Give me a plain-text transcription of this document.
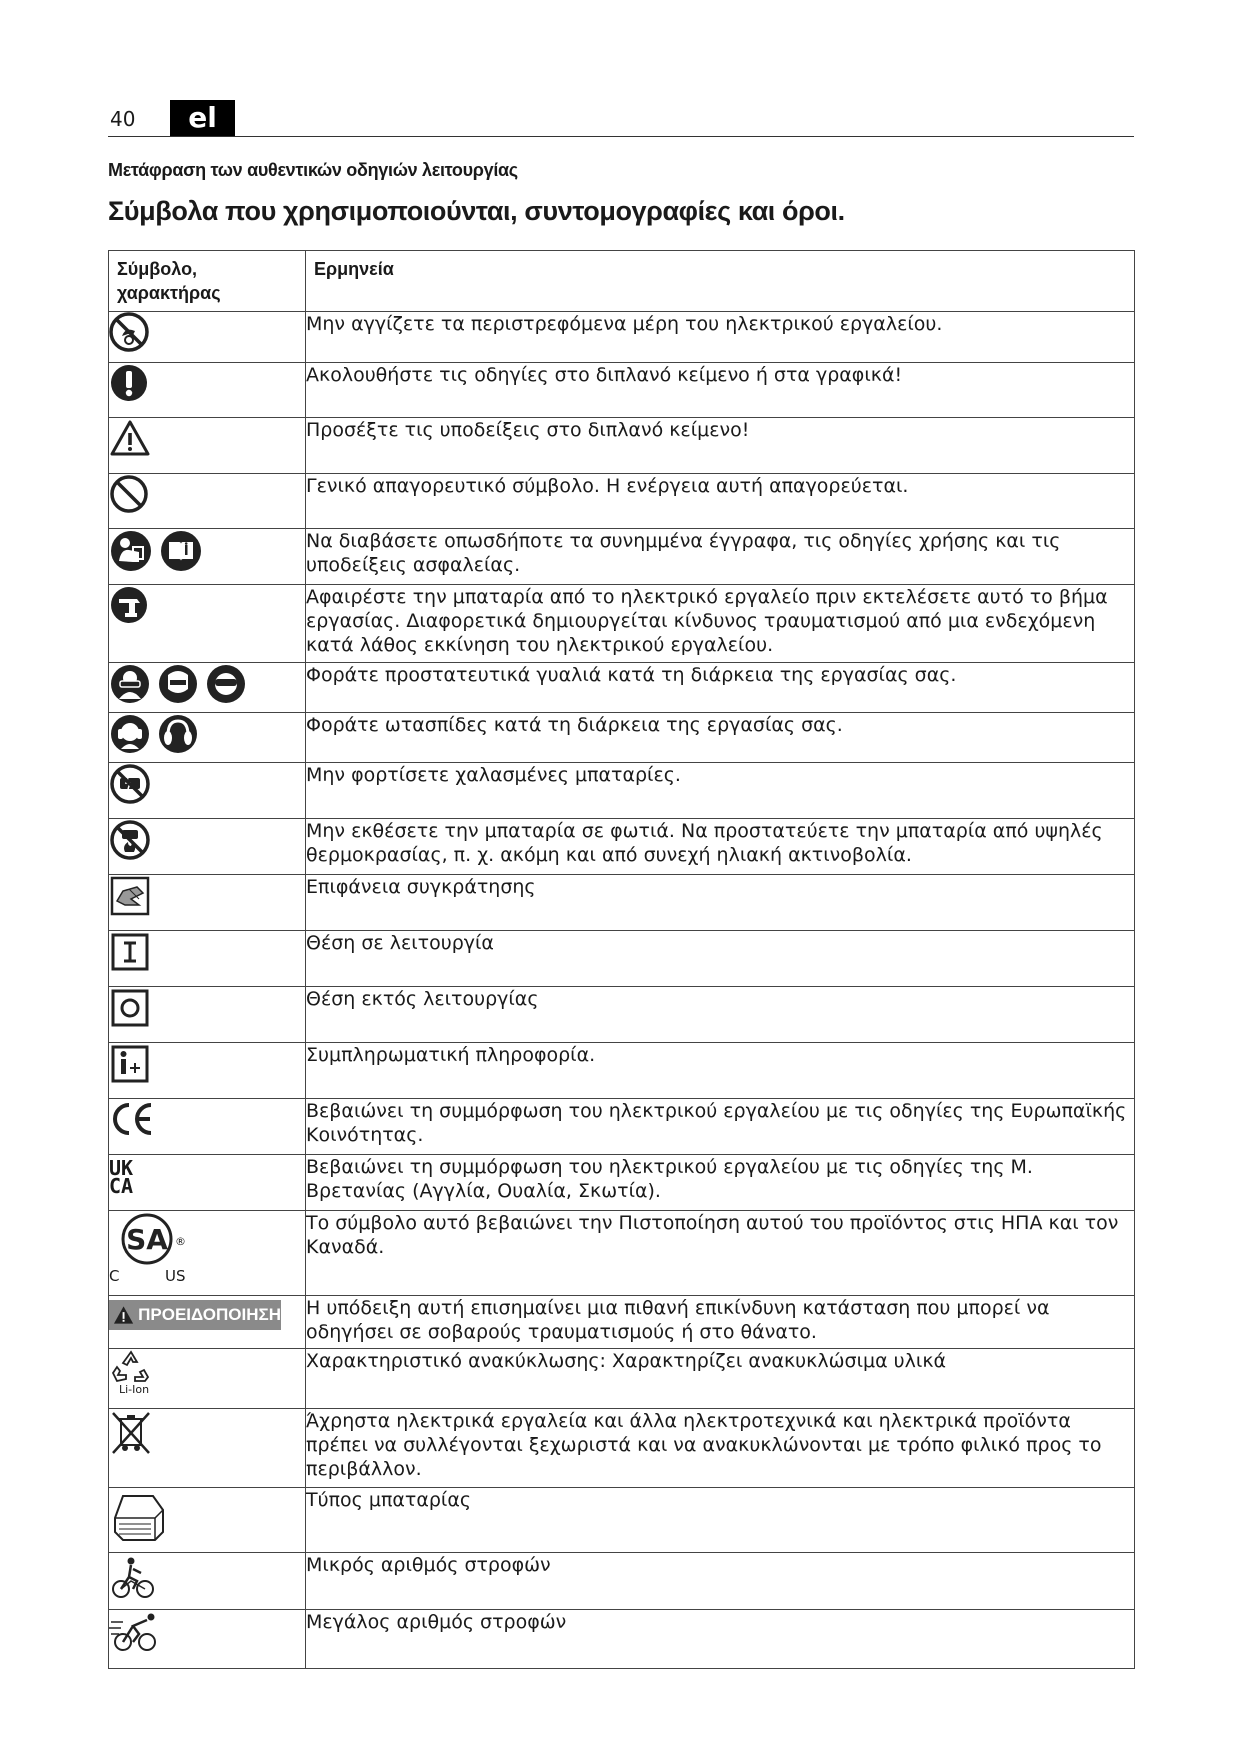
40	el
Μετάφραση των αυθεντικών οδηγιών λειτουργίας
Σύμβολα που χρησιμοποιούνται, συντομογραφίες και όροι.
Σύμβολο, χαρακτήρας	Ερμηνεία

	Μην αγγίζετε τα περιστρεφόμενα μέρη του ηλεκτρικού εργαλείου.

	Ακολουθήστε τις οδηγίες στο διπλανό κείμενο ή στα γραφικά!

	Προσέξτε τις υποδείξεις στο διπλανό κείμενο!

	Γενικό απαγορευτικό σύμβολο. Η ενέργεια αυτή απαγορεύεται.

	Να διαβάσετε οπωσδήποτε τα συνημμένα έγγραφα, τις οδηγίες χρήσης και τις υποδείξεις ασφαλείας.

	Αφαιρέστε την μπαταρία από το ηλεκτρικό εργαλείο πριν εκτελέσετε αυτό το βήμα εργασίας. Διαφορετικά δημιουργείται κίνδυνος τραυματισμού από μια ενδεχόμενη κατά λάθος εκκίνηση του ηλεκτρικού εργαλείου.

	Φοράτε προστατευτικά γυαλιά κατά τη διάρκεια της εργασίας σας.

	Φοράτε ωτασπίδες κατά τη διάρκεια της εργασίας σας.

	Μην φορτίσετε χαλασμένες μπαταρίες.

	Μην εκθέσετε την μπαταρία σε φωτιά. Να προστατεύετε την μπαταρία από υψηλές θερμοκρασίας, π. χ. ακόμη και από συνεχή ηλιακή ακτινοβολία.

	Επιφάνεια συγκράτησης

	Θέση σε λειτουργία

	Θέση εκτός λειτουργίας

	Συμπληρωματική πληροφορία.

	Βεβαιώνει τη συμμόρφωση του ηλεκτρικού εργαλείου με τις οδηγίες της Ευρωπαϊκής Κοινότητας.

UK
CA	Βεβαιώνει τη συμμόρφωση του ηλεκτρικού εργαλείου με τις οδηγίες της Μ. Βρετανίας (Αγγλία, Ουαλία, Σκωτία).

SA ®
C US	Το σύμβολο αυτό βεβαιώνει την Πιστοποίηση αυτού του προϊόντος στις ΗΠΑ και τον Καναδά.

ΠΡΟΕΙΔΟΠΟΙΗΣΗ	Η υπόδειξη αυτή επισημαίνει μια πιθανή επικίνδυνη κατάσταση που μπορεί να οδηγήσει σε σοβαρούς τραυματισμούς ή στο θάνατο.

Li-Ion	Χαρακτηριστικό ανακύκλωσης: Χαρακτηρίζει ανακυκλώσιμα υλικά

	Άχρηστα ηλεκτρικά εργαλεία και άλλα ηλεκτροτεχνικά και ηλεκτρικά προϊόντα πρέπει να συλλέγονται ξεχωριστά και να ανακυκλώνονται με τρόπο φιλικό προς το περιβάλλον.

	Τύπος μπαταρίας

	Μικρός αριθμός στροφών

	Μεγάλος αριθμός στροφών
